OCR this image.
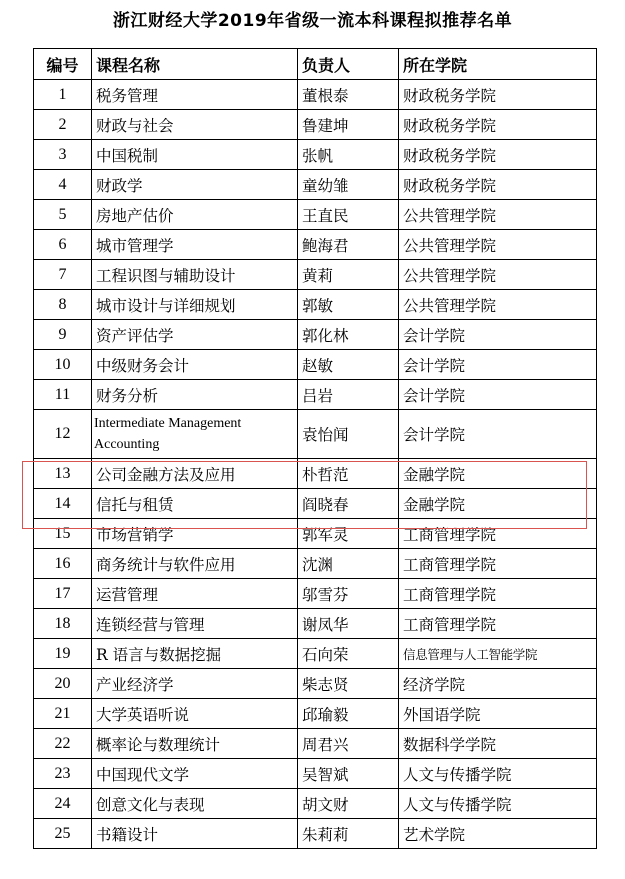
浙江财经大学2019年省级一流本科课程拟推荐名单
编号	课程名称	负责人	所在学院
1	税务管理	董根泰	财政税务学院
2	财政与社会	鲁建坤	财政税务学院
3	中国税制	张帆	财政税务学院
4	财政学	童幼雏	财政税务学院
5	房地产估价	王直民	公共管理学院
6	城市管理学	鲍海君	公共管理学院
7	工程识图与辅助设计	黄莉	公共管理学院
8	城市设计与详细规划	郭敏	公共管理学院
9	资产评估学	郭化林	会计学院
10	中级财务会计	赵敏	会计学院
11	财务分析	吕岩	会计学院
12	Intermediate Management Accounting	袁怡闻	会计学院
13	公司金融方法及应用	朴哲范	金融学院
14	信托与租赁	阎晓春	金融学院
15	市场营销学	郭军灵	工商管理学院
16	商务统计与软件应用	沈渊	工商管理学院
17	运营管理	邬雪芬	工商管理学院
18	连锁经营与管理	谢凤华	工商管理学院
19	R 语言与数据挖掘	石向荣	信息管理与人工智能学院
20	产业经济学	柴志贤	经济学院
21	大学英语听说	邱瑜毅	外国语学院
22	概率论与数理统计	周君兴	数据科学学院
23	中国现代文学	吴智斌	人文与传播学院
24	创意文化与表现	胡文财	人文与传播学院
25	书籍设计	朱莉莉	艺术学院
